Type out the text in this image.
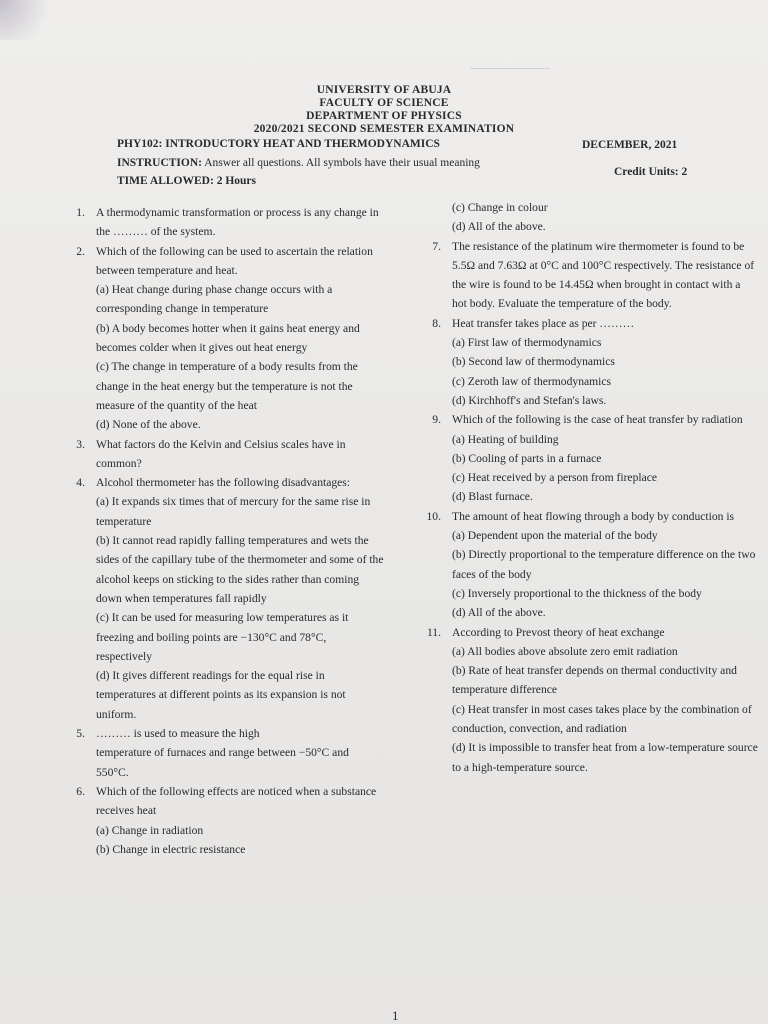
UNIVERSITY OF ABUJA
FACULTY OF SCIENCE
DEPARTMENT OF PHYSICS
2020/2021 SECOND SEMESTER EXAMINATION
PHY102: INTRODUCTORY HEAT AND THERMODYNAMICS	DECEMBER, 2021
INSTRUCTION: Answer all questions. All symbols have their usual meaning
Credit Units: 2
TIME ALLOWED: 2 Hours
1. A thermodynamic transformation or process is any change in the ……… of the system.
2. Which of the following can be used to ascertain the relation between temperature and heat.
(a) Heat change during phase change occurs with a corresponding change in temperature
(b) A body becomes hotter when it gains heat energy and becomes colder when it gives out heat energy
(c) The change in temperature of a body results from the change in the heat energy but the temperature is not the measure of the quantity of the heat
(d) None of the above.
3. What factors do the Kelvin and Celsius scales have in common?
4. Alcohol thermometer has the following disadvantages:
(a) It expands six times that of mercury for the same rise in temperature
(b) It cannot read rapidly falling temperatures and wets the sides of the capillary tube of the thermometer and some of the alcohol keeps on sticking to the sides rather than coming down when temperatures fall rapidly
(c) It can be used for measuring low temperatures as it freezing and boiling points are −130°C and 78°C, respectively
(d) It gives different readings for the equal rise in temperatures at different points as its expansion is not uniform.
5. ……… is used to measure the high
temperature of furnaces and range between −50°C and 550°C.
6. Which of the following effects are noticed when a substance receives heat
(a) Change in radiation
(b) Change in electric resistance
(c) Change in colour
(d) All of the above.
7. The resistance of the platinum wire thermometer is found to be 5.5Ω and 7.63Ω at 0°C and 100°C respectively. The resistance of the wire is found to be 14.45Ω when brought in contact with a hot body. Evaluate the temperature of the body.
8. Heat transfer takes place as per ………
(a) First law of thermodynamics
(b) Second law of thermodynamics
(c) Zeroth law of thermodynamics
(d) Kirchhoff's and Stefan's laws.
9. Which of the following is the case of heat transfer by radiation
(a) Heating of building
(b) Cooling of parts in a furnace
(c) Heat received by a person from fireplace
(d) Blast furnace.
10. The amount of heat flowing through a body by conduction is
(a) Dependent upon the material of the body
(b) Directly proportional to the temperature difference on the two faces of the body
(c) Inversely proportional to the thickness of the body
(d) All of the above.
11. According to Prevost theory of heat exchange
(a) All bodies above absolute zero emit radiation
(b) Rate of heat transfer depends on thermal conductivity and temperature difference
(c) Heat transfer in most cases takes place by the combination of conduction, convection, and radiation
(d) It is impossible to transfer heat from a low-temperature source to a high-temperature source.
1
